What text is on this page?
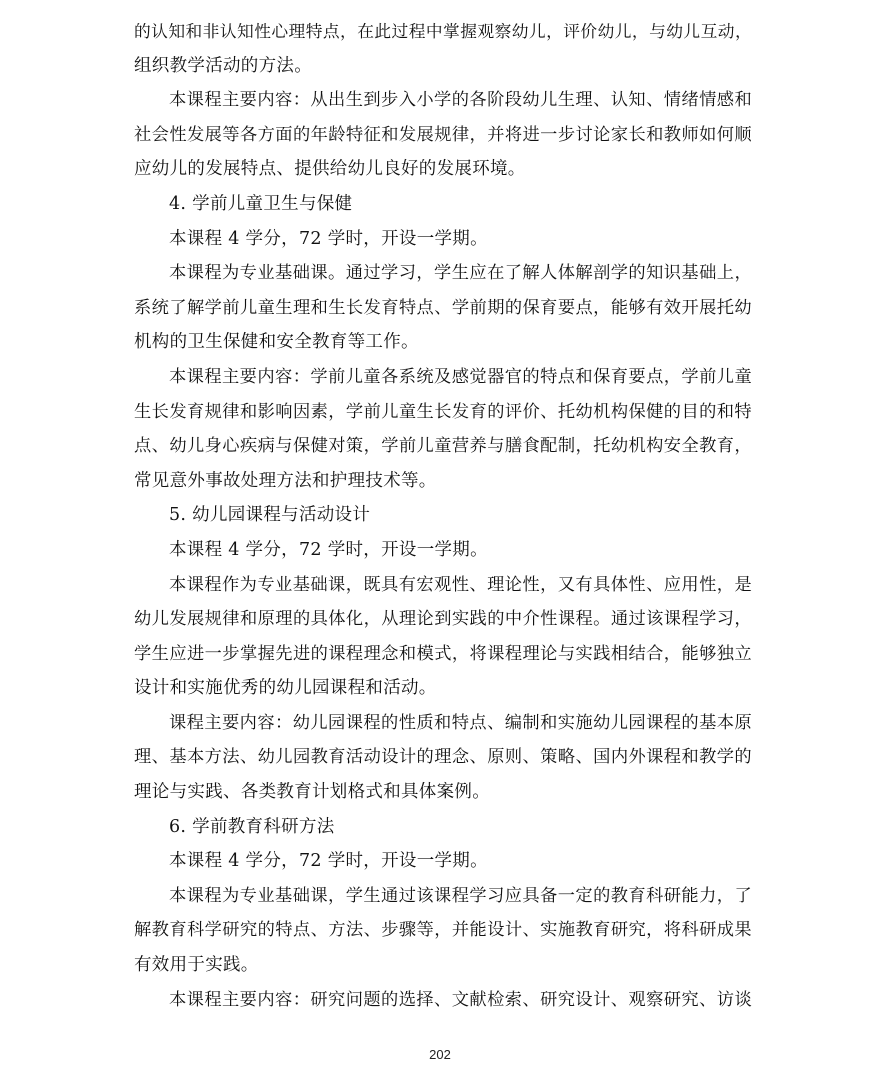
的认知和非认知性心理特点，在此过程中掌握观察幼儿，评价幼儿，与幼儿互动，
组织教学活动的方法。
本课程主要内容：从出生到步入小学的各阶段幼儿生理、认知、情绪情感和
社会性发展等各方面的年龄特征和发展规律，并将进一步讨论家长和教师如何顺
应幼儿的发展特点、提供给幼儿良好的发展环境。
4. 学前儿童卫生与保健
本课程 4 学分，72 学时，开设一学期。
本课程为专业基础课。通过学习，学生应在了解人体解剖学的知识基础上，
系统了解学前儿童生理和生长发育特点、学前期的保育要点，能够有效开展托幼
机构的卫生保健和安全教育等工作。
本课程主要内容：学前儿童各系统及感觉器官的特点和保育要点，学前儿童
生长发育规律和影响因素，学前儿童生长发育的评价、托幼机构保健的目的和特
点、幼儿身心疾病与保健对策，学前儿童营养与膳食配制，托幼机构安全教育，
常见意外事故处理方法和护理技术等。
5. 幼儿园课程与活动设计
本课程 4 学分，72 学时，开设一学期。
本课程作为专业基础课，既具有宏观性、理论性，又有具体性、应用性，是
幼儿发展规律和原理的具体化，从理论到实践的中介性课程。通过该课程学习，
学生应进一步掌握先进的课程理念和模式，将课程理论与实践相结合，能够独立
设计和实施优秀的幼儿园课程和活动。
课程主要内容：幼儿园课程的性质和特点、编制和实施幼儿园课程的基本原
理、基本方法、幼儿园教育活动设计的理念、原则、策略、国内外课程和教学的
理论与实践、各类教育计划格式和具体案例。
6. 学前教育科研方法
本课程 4 学分，72 学时，开设一学期。
本课程为专业基础课，学生通过该课程学习应具备一定的教育科研能力，了
解教育科学研究的特点、方法、步骤等，并能设计、实施教育研究，将科研成果
有效用于实践。
本课程主要内容：研究问题的选择、文献检索、研究设计、观察研究、访谈
202
